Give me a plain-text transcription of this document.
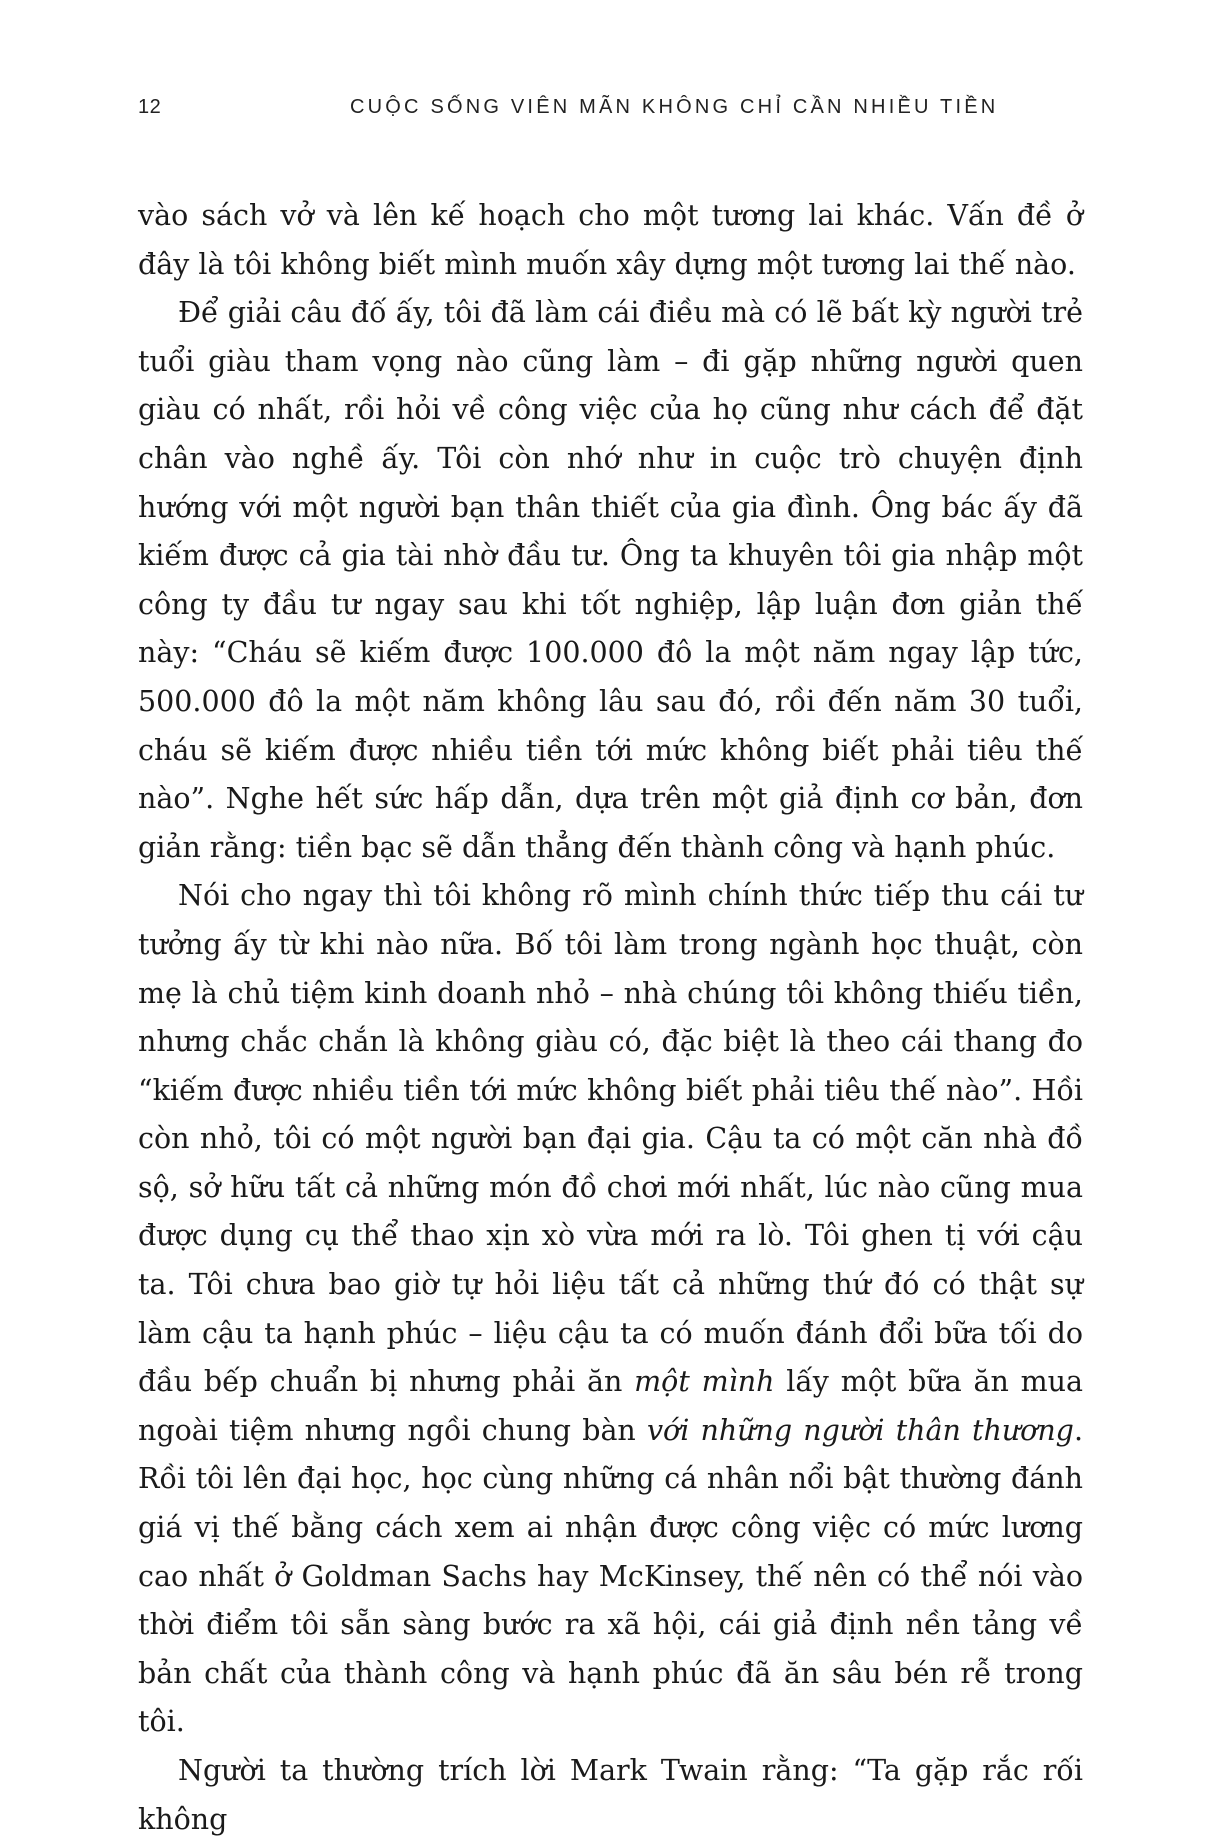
12	CUỘC SỐNG VIÊN MÃN KHÔNG CHỈ CẦN NHIỀU TIỀN

vào sách vở và lên kế hoạch cho một tương lai khác. Vấn đề ở đây là tôi không biết mình muốn xây dựng một tương lai thế nào.

Để giải câu đố ấy, tôi đã làm cái điều mà có lẽ bất kỳ người trẻ tuổi giàu tham vọng nào cũng làm – đi gặp những người quen giàu có nhất, rồi hỏi về công việc của họ cũng như cách để đặt chân vào nghề ấy. Tôi còn nhớ như in cuộc trò chuyện định hướng với một người bạn thân thiết của gia đình. Ông bác ấy đã kiếm được cả gia tài nhờ đầu tư. Ông ta khuyên tôi gia nhập một công ty đầu tư ngay sau khi tốt nghiệp, lập luận đơn giản thế này: “Cháu sẽ kiếm được 100.000 đô la một năm ngay lập tức, 500.000 đô la một năm không lâu sau đó, rồi đến năm 30 tuổi, cháu sẽ kiếm được nhiều tiền tới mức không biết phải tiêu thế nào”. Nghe hết sức hấp dẫn, dựa trên một giả định cơ bản, đơn giản rằng: tiền bạc sẽ dẫn thẳng đến thành công và hạnh phúc.

Nói cho ngay thì tôi không rõ mình chính thức tiếp thu cái tư tưởng ấy từ khi nào nữa. Bố tôi làm trong ngành học thuật, còn mẹ là chủ tiệm kinh doanh nhỏ – nhà chúng tôi không thiếu tiền, nhưng chắc chắn là không giàu có, đặc biệt là theo cái thang đo “kiếm được nhiều tiền tới mức không biết phải tiêu thế nào”. Hồi còn nhỏ, tôi có một người bạn đại gia. Cậu ta có một căn nhà đồ sộ, sở hữu tất cả những món đồ chơi mới nhất, lúc nào cũng mua được dụng cụ thể thao xịn xò vừa mới ra lò. Tôi ghen tị với cậu ta. Tôi chưa bao giờ tự hỏi liệu tất cả những thứ đó có thật sự làm cậu ta hạnh phúc – liệu cậu ta có muốn đánh đổi bữa tối do đầu bếp chuẩn bị nhưng phải ăn một mình lấy một bữa ăn mua ngoài tiệm nhưng ngồi chung bàn với những người thân thương. Rồi tôi lên đại học, học cùng những cá nhân nổi bật thường đánh giá vị thế bằng cách xem ai nhận được công việc có mức lương cao nhất ở Goldman Sachs hay McKinsey, thế nên có thể nói vào thời điểm tôi sẵn sàng bước ra xã hội, cái giả định nền tảng về bản chất của thành công và hạnh phúc đã ăn sâu bén rễ trong tôi.

Người ta thường trích lời Mark Twain rằng: “Ta gặp rắc rối không
